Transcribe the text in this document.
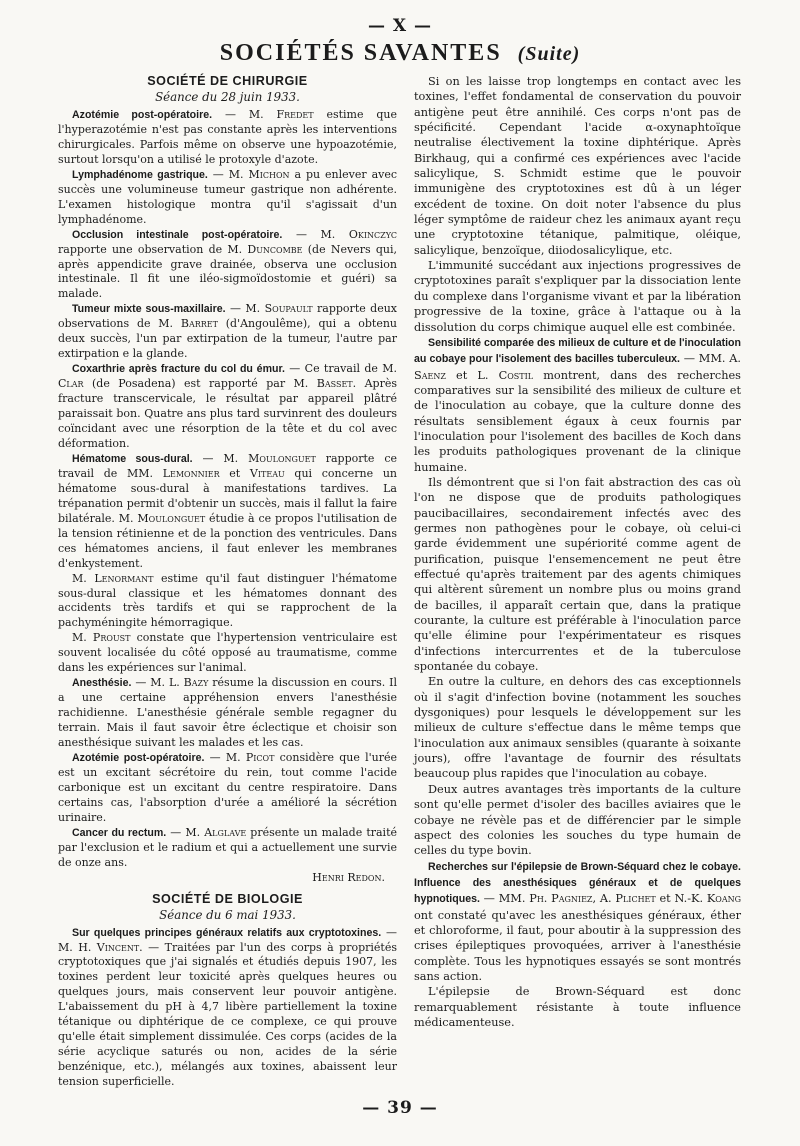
— X —
SOCIÉTÉS SAVANTES (Suite)
SOCIÉTÉ DE CHIRURGIE
Séance du 28 juin 1933.

Azotémie post-opératoire. — M. Fredet estime que l'hyperazotémie n'est pas constante après les interventions chirurgicales. Parfois même on observe une hypoazotémie, surtout lorsqu'on a utilisé le protoxyle d'azote.

Lymphadénome gastrique. — M. Michon a pu enlever avec succès une volumineuse tumeur gastrique non adhérente. L'examen histologique montra qu'il s'agissait d'un lymphadénome.

Occlusion intestinale post-opératoire. — M. Okinczyc rapporte une observation de M. Duncombe (de Nevers qui, après appendicite grave drainée, observa une occlusion intestinale. Il fit une iléo-sigmoïdostomie et guéri) sa malade.

Tumeur mixte sous-maxillaire. — M. Soupault rapporte deux observations de M. Barret (d'Angoulême), qui a obtenu deux succès, l'un par extirpation de la tumeur, l'autre par extirpation e la glande.

Coxarthrie après fracture du col du émur. — Ce travail de M. Clar (de Posadena) est rapporté par M. Basset. Après fracture transcervicale, le résultat par appareil plâtré paraissait bon. Quatre ans plus tard survinrent des douleurs coïncidant avec une résorption de la tête et du col avec déformation.

Hématome sous-dural. — M. Moulonguet rapporte ce travail de MM. Lemonnier et Viteau qui concerne un hématome sous-dural à manifestations tardives. La trépanation permit d'obtenir un succès, mais il fallut la faire bilatérale. M. Moulonguet étudie à ce propos l'utilisation de la tension rétinienne et de la ponction des ventricules. Dans ces hématomes anciens, il faut enlever les membranes d'enkystement.

M. Lenormant estime qu'il faut distinguer l'hématome sous-dural classique et les hématomes donnant des accidents très tardifs et qui se rapprochent de la pachyméningite hémorragique.

M. Proust constate que l'hypertension ventriculaire est souvent localisée du côté opposé au traumatisme, comme dans les expériences sur l'animal.

Anesthésie. — M. L. Bazy résume la discussion en cours. Il a une certaine appréhension envers l'anesthésie rachidienne. L'anesthésie générale semble regagner du terrain. Mais il faut savoir être éclectique et choisir son anesthésique suivant les malades et les cas.

Azotémie post-opératoire. — M. Picot considère que l'urée est un excitant sécrétoire du rein, tout comme l'acide carbonique est un excitant du centre respiratoire. Dans certains cas, l'absorption d'urée a amélioré la sécrétion urinaire.

Cancer du rectum. — M. Alglave présente un malade traité par l'exclusion et le radium et qui a actuellement une survie de onze ans.

Henri Redon.

SOCIÉTÉ DE BIOLOGIE
Séance du 6 mai 1933.

Sur quelques principes généraux relatifs aux cryptotoxines. — M. H. Vincent. — Traitées par l'un des corps à propriétés cryptotoxiques que j'ai signalés et étudiés depuis 1907, les toxines perdent leur toxicité après quelques heures ou quelques jours, mais conservent leur pouvoir antigène. L'abaissement du pH à 4,7 libère partiellement la toxine tétanique ou diphtérique de ce complexe, ce qui prouve qu'elle était simplement dissimulée. Ces corps (acides de la série acyclique saturés ou non, acides de la série benzénique, etc.), mélangés aux toxines, abaissent leur tension superficielle.

Si on les laisse trop longtemps en contact avec les toxines, l'effet fondamental de conservation du pouvoir antigène peut être annihilé. Ces corps n'ont pas de spécificité. Cependant l'acide α-oxynaphtoïque neutralise électivement la toxine diphtérique. Après Birkhaug, qui a confirmé ces expériences avec l'acide salicylique, S. Schmidt estime que le pouvoir immunigène des cryptotoxines est dû à un léger excédent de toxine. On doit noter l'absence du plus léger symptôme de raideur chez les animaux ayant reçu une cryptotoxine tétanique, palmitique, oléique, salicylique, benzoïque, diiodosalicylique, etc.

L'immunité succédant aux injections progressives de cryptotoxines paraît s'expliquer par la dissociation lente du complexe dans l'organisme vivant et par la libération progressive de la toxine, grâce à l'attaque ou à la dissolution du corps chimique auquel elle est combinée.

Sensibilité comparée des milieux de culture et de l'inoculation au cobaye pour l'isolement des bacilles tuberculeux. — MM. A. Saenz et L. Costil montrent, dans des recherches comparatives sur la sensibilité des milieux de culture et de l'inoculation au cobaye, que la culture donne des résultats sensiblement égaux à ceux fournis par l'inoculation pour l'isolement des bacilles de Koch dans les produits pathologiques provenant de la clinique humaine.

Ils démontrent que si l'on fait abstraction des cas où l'on ne dispose que de produits pathologiques paucibacillaires, secondairement infectés avec des germes non pathogènes pour le cobaye, où celui-ci garde évidemment une supériorité comme agent de purification, puisque l'ensemencement ne peut être effectué qu'après traitement par des agents chimiques qui altèrent sûrement un nombre plus ou moins grand de bacilles, il apparaît certain que, dans la pratique courante, la culture est préférable à l'inoculation parce qu'elle élimine pour l'expérimentateur es risques d'infections intercurrentes et de la tuberculose spontanée du cobaye.

En outre la culture, en dehors des cas exceptionnels où il s'agit d'infection bovine (notamment les souches dysgoniques) pour lesquels le développement sur les milieux de culture s'effectue dans le même temps que l'inoculation aux animaux sensibles (quarante à soixante jours), offre l'avantage de fournir des résultats beaucoup plus rapides que l'inoculation au cobaye.

Deux autres avantages très importants de la culture sont qu'elle permet d'isoler des bacilles aviaires que le cobaye ne révèle pas et de différencier par le simple aspect des colonies les souches du type humain de celles du type bovin.

Recherches sur l'épilepsie de Brown-Séquard chez le cobaye. Influence des anesthésiques généraux et de quelques hypnotiques. — MM. Ph. Pagniez, A. Plichet et N.-K. Koang ont constaté qu'avec les anesthésiques généraux, éther et chloroforme, il faut, pour aboutir à la suppression des crises épileptiques provoquées, arriver à l'anesthésie complète. Tous les hypnotiques essayés se sont montrés sans action.

L'épilepsie de Brown-Séquard est donc remarquablement résistante à toute influence médicamenteuse.

— 39 —
